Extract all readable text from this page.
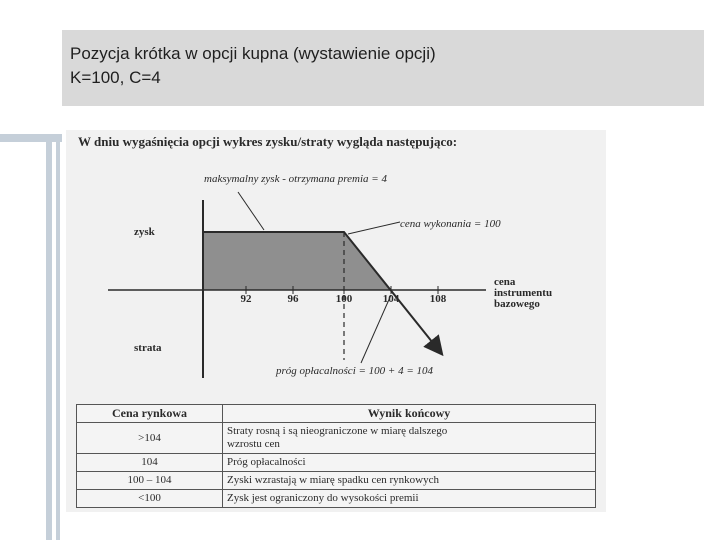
Pozycja krótka w opcji kupna (wystawienie opcji)
K=100, C=4
W dniu wygaśnięcia opcji wykres zysku/straty wygląda następująco:
92	96	100	104	108
zysk
strata
cena
instrumentu
bazowego
maksymalny zysk - otrzymana premia = 4
cena wykonania = 100
próg opłacalności = 100 + 4 = 104
Cena rynkowa	Wynik końcowy
>104	Straty rosną i są nieograniczone w miarę dalszego
wzrostu cen

104	Próg opłacalności
100 – 104	Zyski wzrastają w miarę spadku cen rynkowych
<100	Zysk jest ograniczony do wysokości premii
